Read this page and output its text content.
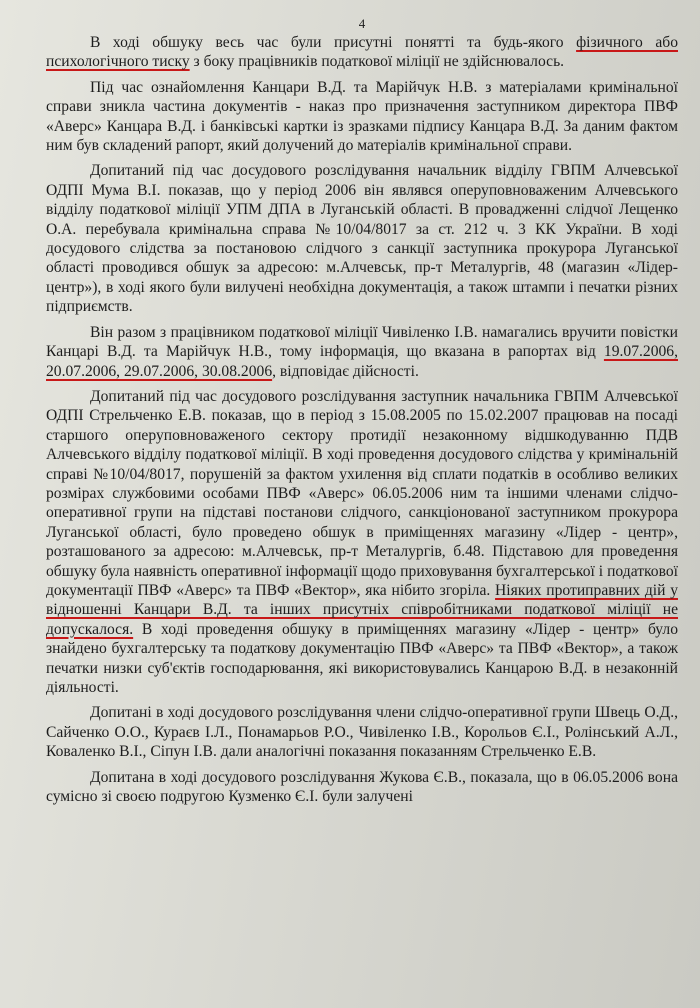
4

В ході обшуку весь час були присутні понятті та будь-якого фізичного або психологічного тиску з боку працівників податкової міліції не здійснювалось.

Під час ознайомлення Канцари В.Д. та Марійчук Н.В. з матеріалами кримінальної справи зникла частина документів - наказ про призначення заступником директора ПВФ «Аверс» Канцара В.Д. і банківські картки із зразками підпису Канцара В.Д. За даним фактом ним був складений рапорт, який долучений до матеріалів кримінальної справи.

Допитаний під час досудового розслідування начальник відділу ГВПМ Алчевської ОДПІ Мума В.І. показав, що у період 2006 він являвся оперуповноваженим Алчевського відділу податкової міліції УПМ ДПА в Луганській області. В провадженні слідчої Лещенко О.А. перебувала кримінальна справа №10/04/8017 за ст. 212 ч. 3 КК України. В ході досудового слідства за постановою слідчого з санкції заступника прокурора Луганської області проводився обшук за адресою: м.Алчевськ, пр-т Металургів, 48 (магазин «Лідер-центр»), в ході якого були вилучені необхідна документація, а також штампи і печатки різних підприємств.

Він разом з працівником податкової міліції Чивіленко І.В. намагались вручити повістки Канцарі В.Д. та Марійчук Н.В., тому інформація, що вказана в рапортах від 19.07.2006, 20.07.2006, 29.07.2006, 30.08.2006, відповідає дійсності.

Допитаний під час досудового розслідування заступник начальника ГВПМ Алчевської ОДПІ Стрельченко Е.В. показав, що в період з 15.08.2005 по 15.02.2007 працював на посаді старшого оперуповноваженого сектору протидії незаконному відшкодуванню ПДВ Алчевського відділу податкової міліції. В ході проведення досудового слідства у кримінальній справі №10/04/8017, порушеній за фактом ухилення від сплати податків в особливо великих розмірах службовими особами ПВФ «Аверс» 06.05.2006 ним та іншими членами слідчо-оперативної групи на підставі постанови слідчого, санкціонованої заступником прокурора Луганської області, було проведено обшук в приміщеннях магазину «Лідер - центр», розташованого за адресою: м.Алчевськ, пр-т Металургів, б.48. Підставою для проведення обшуку була наявність оперативної інформації щодо приховування бухгалтерської і податкової документації ПВФ «Аверс» та ПВФ «Вектор», яка нібито згоріла. Ніяких протиправних дій у відношенні Канцари В.Д. та інших присутніх співробітниками податкової міліції не допускалося. В ході проведення обшуку в приміщеннях магазину «Лідер - центр» було знайдено бухгалтерську та податкову документацію ПВФ «Аверс» та ПВФ «Вектор», а також печатки низки суб'єктів господарювання, які використовувались Канцарою В.Д. в незаконній діяльності.

Допитані в ході досудового розслідування члени слідчо-оперативної групи Швець О.Д., Сайченко О.О., Кураєв І.Л., Понамарьов Р.О., Чивіленко І.В., Корольов Є.І., Ролінський А.Л., Коваленко В.І., Сіпун І.В. дали аналогічні показання показанням Стрельченко Е.В.

Допитана в ході досудового розслідування Жукова Є.В., показала, що в 06.05.2006 вона сумісно зі своєю подругою Кузменко Є.І. були залучені
